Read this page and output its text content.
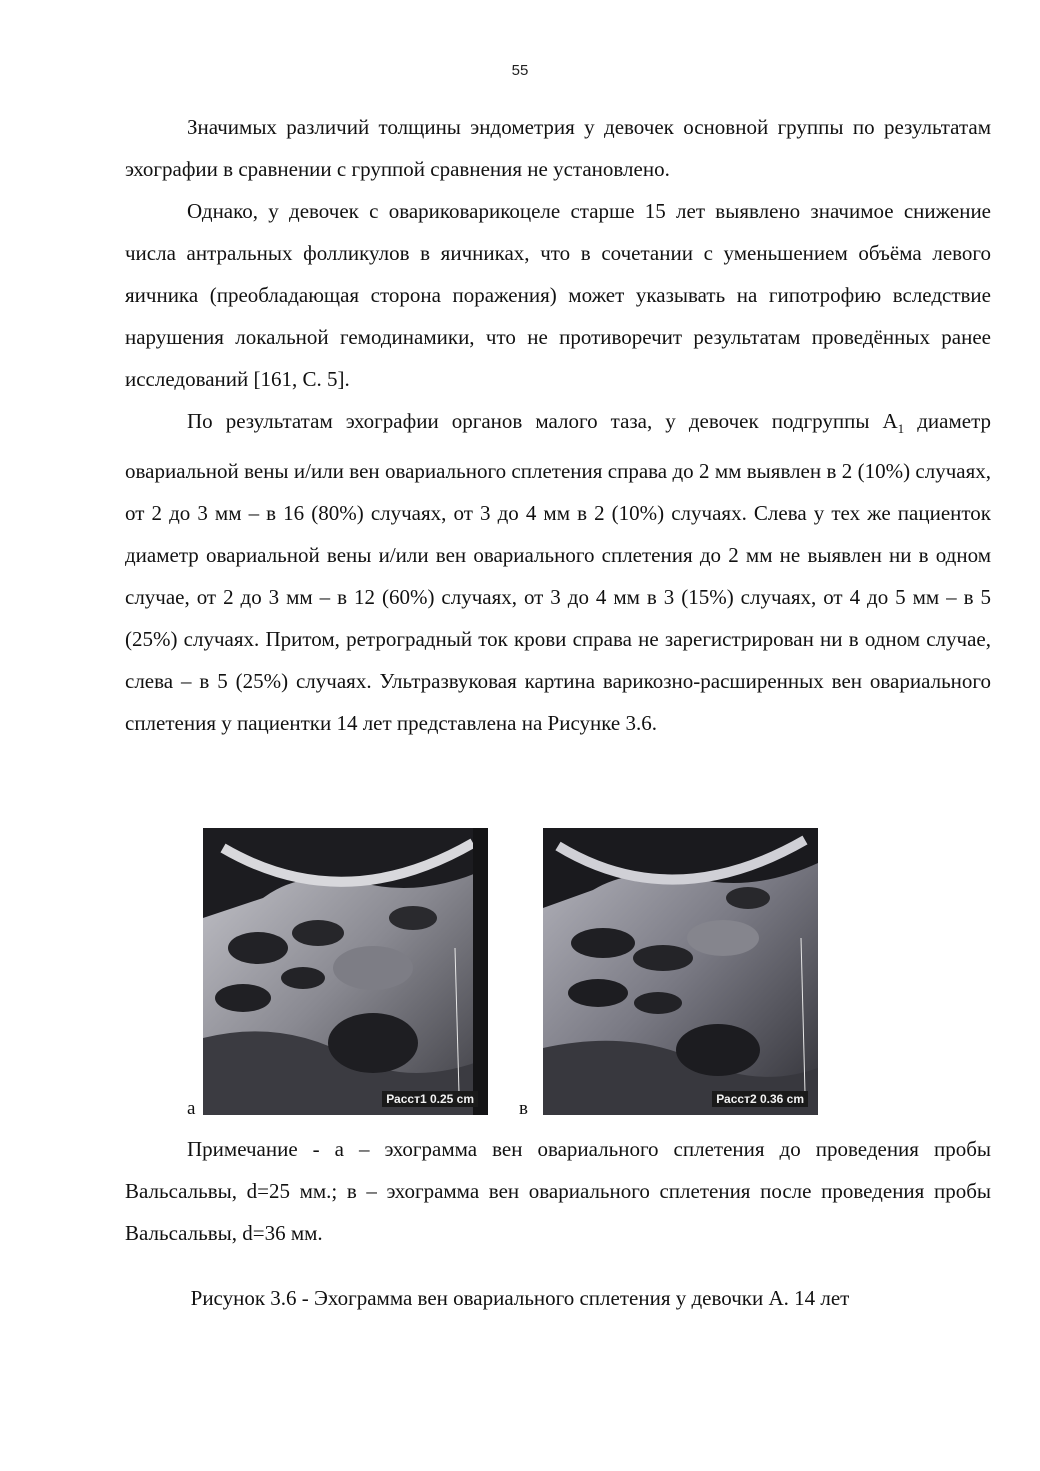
55

Значимых различий толщины эндометрия у девочек основной группы по результатам эхографии в сравнении с группой сравнения не установлено.

Однако, у девочек с овариковарикоцеле старше 15 лет выявлено значимое снижение числа антральных фолликулов в яичниках, что в сочетании с уменьшением объёма левого яичника (преобладающая сторона поражения) может указывать на гипотрофию вследствие нарушения локальной гемодинамики, что не противоречит результатам проведённых ранее исследований [161, С. 5].

По результатам эхографии органов малого таза, у девочек подгруппы $А_1$ диаметр овариальной вены и/или вен овариального сплетения справа до 2 мм выявлен в 2 (10%) случаях, от 2 до 3 мм – в 16 (80%) случаях, от 3 до 4 мм в 2 (10%) случаях. Слева у тех же пациенток диаметр овариальной вены и/или вен овариального сплетения до 2 мм не выявлен ни в одном случае, от 2 до 3 мм – в 12 (60%) случаях, от 3 до 4 мм в 3 (15%) случаях, от 4 до 5 мм – в 5 (25%) случаях. Притом, ретроградный ток крови справа не зарегистрирован ни в одном случае, слева – в 5 (25%) случаях. Ультразвуковая картина варикозно-расширенных вен овариального сплетения у пациентки 14 лет представлена на Рисунке 3.6.

Расст1 0.25 cm
а	Расст2 0.36 cm
в

Примечание - а – эхограмма вен овариального сплетения до проведения пробы Вальсальвы, d=25 мм.; в – эхограмма вен овариального сплетения после проведения пробы Вальсальвы, d=36 мм.

Рисунок 3.6 - Эхограмма вен овариального сплетения у девочки А. 14 лет
